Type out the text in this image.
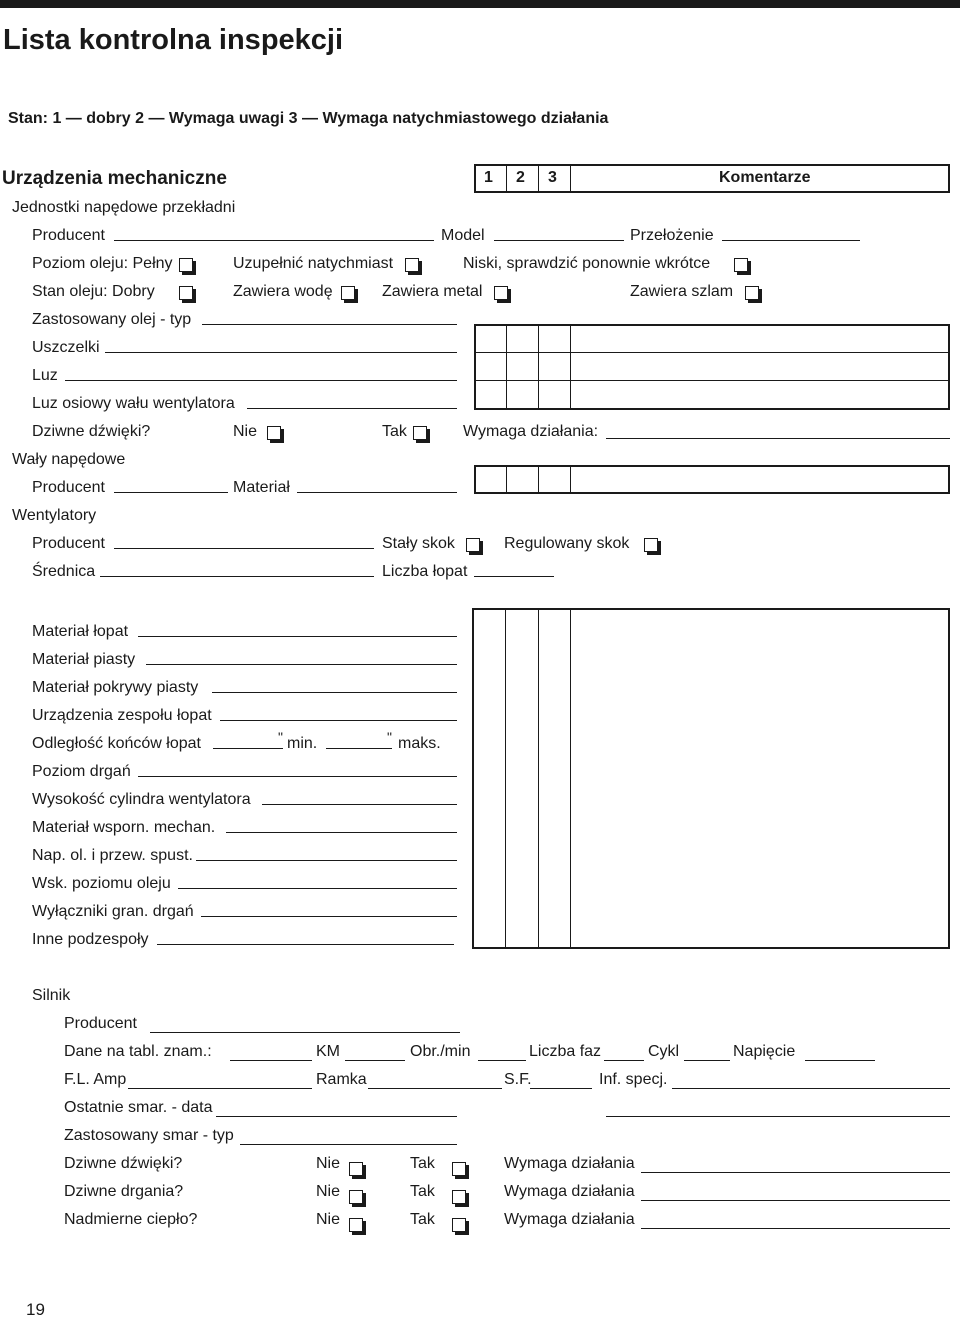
Lista kontrolna inspekcji
Stan: 1 — dobry 2 — Wymaga uwagi 3 — Wymaga natychmiastowego działania
Urządzenia mechaniczne	1 2 3	Komentarze
Jednostki napędowe przekładni
Producent	Model	Przełożenie
Poziom oleju: Pełny	Uzupełnić natychmiast	Niski, sprawdzić ponownie wkrótce
Stan oleju: Dobry	Zawiera wodę	Zawiera metal	Zawiera szlam
Zastosowany olej - typ
Uszczelki
Luz
Luz osiowy wału wentylatora
Dziwne dźwięki?	Nie	Tak	Wymaga działania:
Wały napędowe
Producent	Materiał
Wentylatory
Producent	Stały skok	Regulowany skok
Średnica	Liczba łopat
Materiał łopat
Materiał piasty
Materiał pokrywy piasty
Urządzenia zespołu łopat
Odległość końców łopat	" min.	" maks.
Poziom drgań
Wysokość cylindra wentylatora
Materiał wsporn. mechan.
Nap. ol. i przew. spust.
Wsk. poziomu oleju
Wyłączniki gran. drgań
Inne podzespoły
Silnik
Producent
Dane na tabl. znam.:	KM	Obr./min	Liczba faz	Cykl	Napięcie
F.L. Amp	Ramka	S.F.	Inf. specj.
Ostatnie smar. - data
Zastosowany smar - typ
Dziwne dźwięki?	Nie	Tak	Wymaga działania
Dziwne drgania?	Nie	Tak	Wymaga działania
Nadmierne ciepło?	Nie	Tak	Wymaga działania
19
